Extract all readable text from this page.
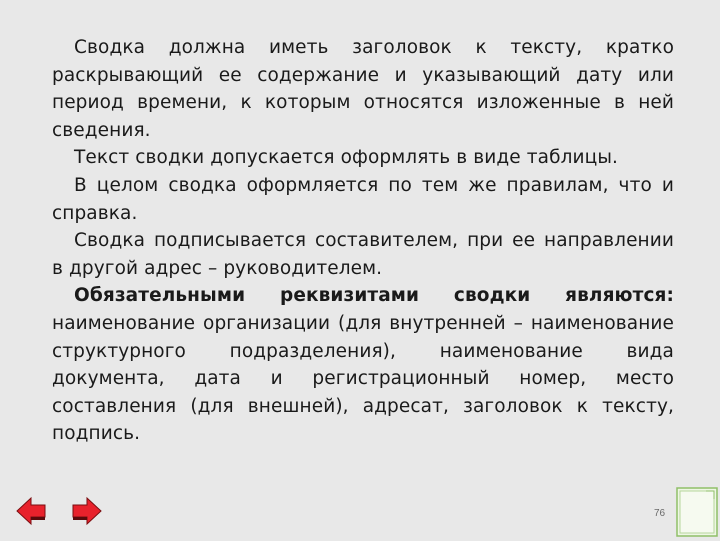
Сводка должна иметь заголовок к тексту, кратко раскрывающий ее содержание и указывающий дату или период времени, к которым относятся изложенные в ней сведения.

Текст сводки допускается оформлять в виде таблицы.

В целом сводка оформляется по тем же правилам, что и справка.

Сводка подписывается составителем, при ее направлении в другой адрес – руководителем.

Обязательными реквизитами сводки являются: наименование организации (для внутренней – наименование структурного подразделения), наименование вида документа, дата и регистрационный номер, место составления (для внешней), адресат, заголовок к тексту, подпись.

76
